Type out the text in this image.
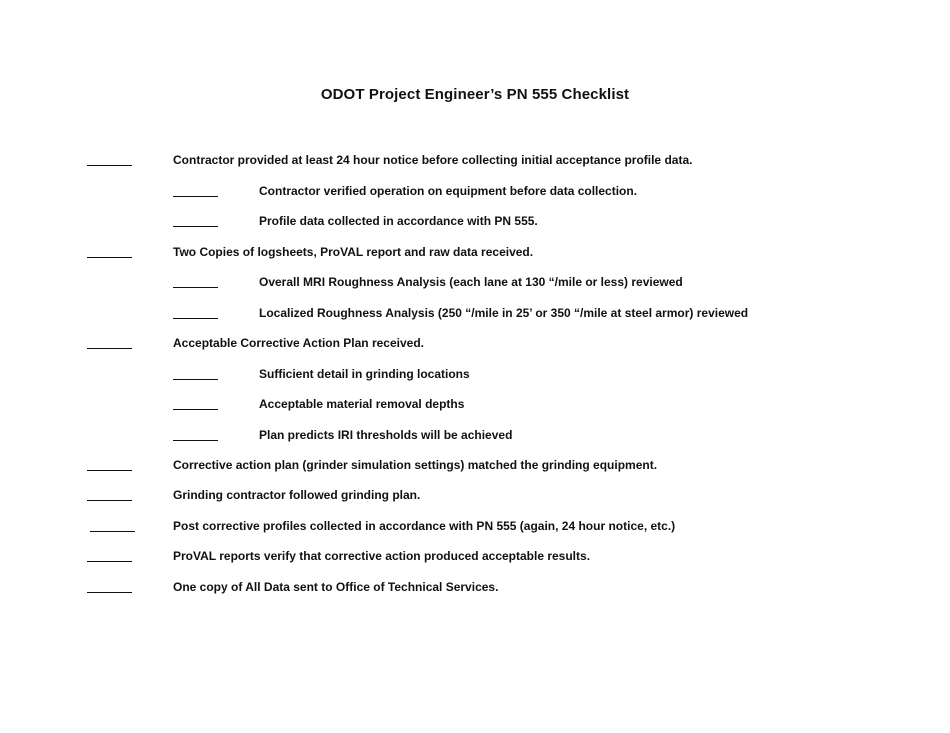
ODOT Project Engineer’s PN 555 Checklist
Contractor provided at least 24 hour notice before collecting initial acceptance profile data.
Contractor verified operation on equipment before data collection.
Profile data collected in accordance with PN 555.
Two Copies of logsheets, ProVAL report and raw data received.
Overall MRI Roughness Analysis (each lane at 130 “/mile or less) reviewed
Localized Roughness Analysis (250 “/mile in 25’ or 350 “/mile at steel armor) reviewed
Acceptable Corrective Action Plan received.
Sufficient detail in grinding locations
Acceptable material removal depths
Plan predicts IRI thresholds will be achieved
Corrective action plan (grinder simulation settings) matched the grinding equipment.
Grinding contractor followed grinding plan.
Post corrective profiles collected in accordance with PN 555 (again, 24 hour notice, etc.)
ProVAL reports verify that corrective action produced acceptable results.
One copy of All Data sent to Office of Technical Services.
